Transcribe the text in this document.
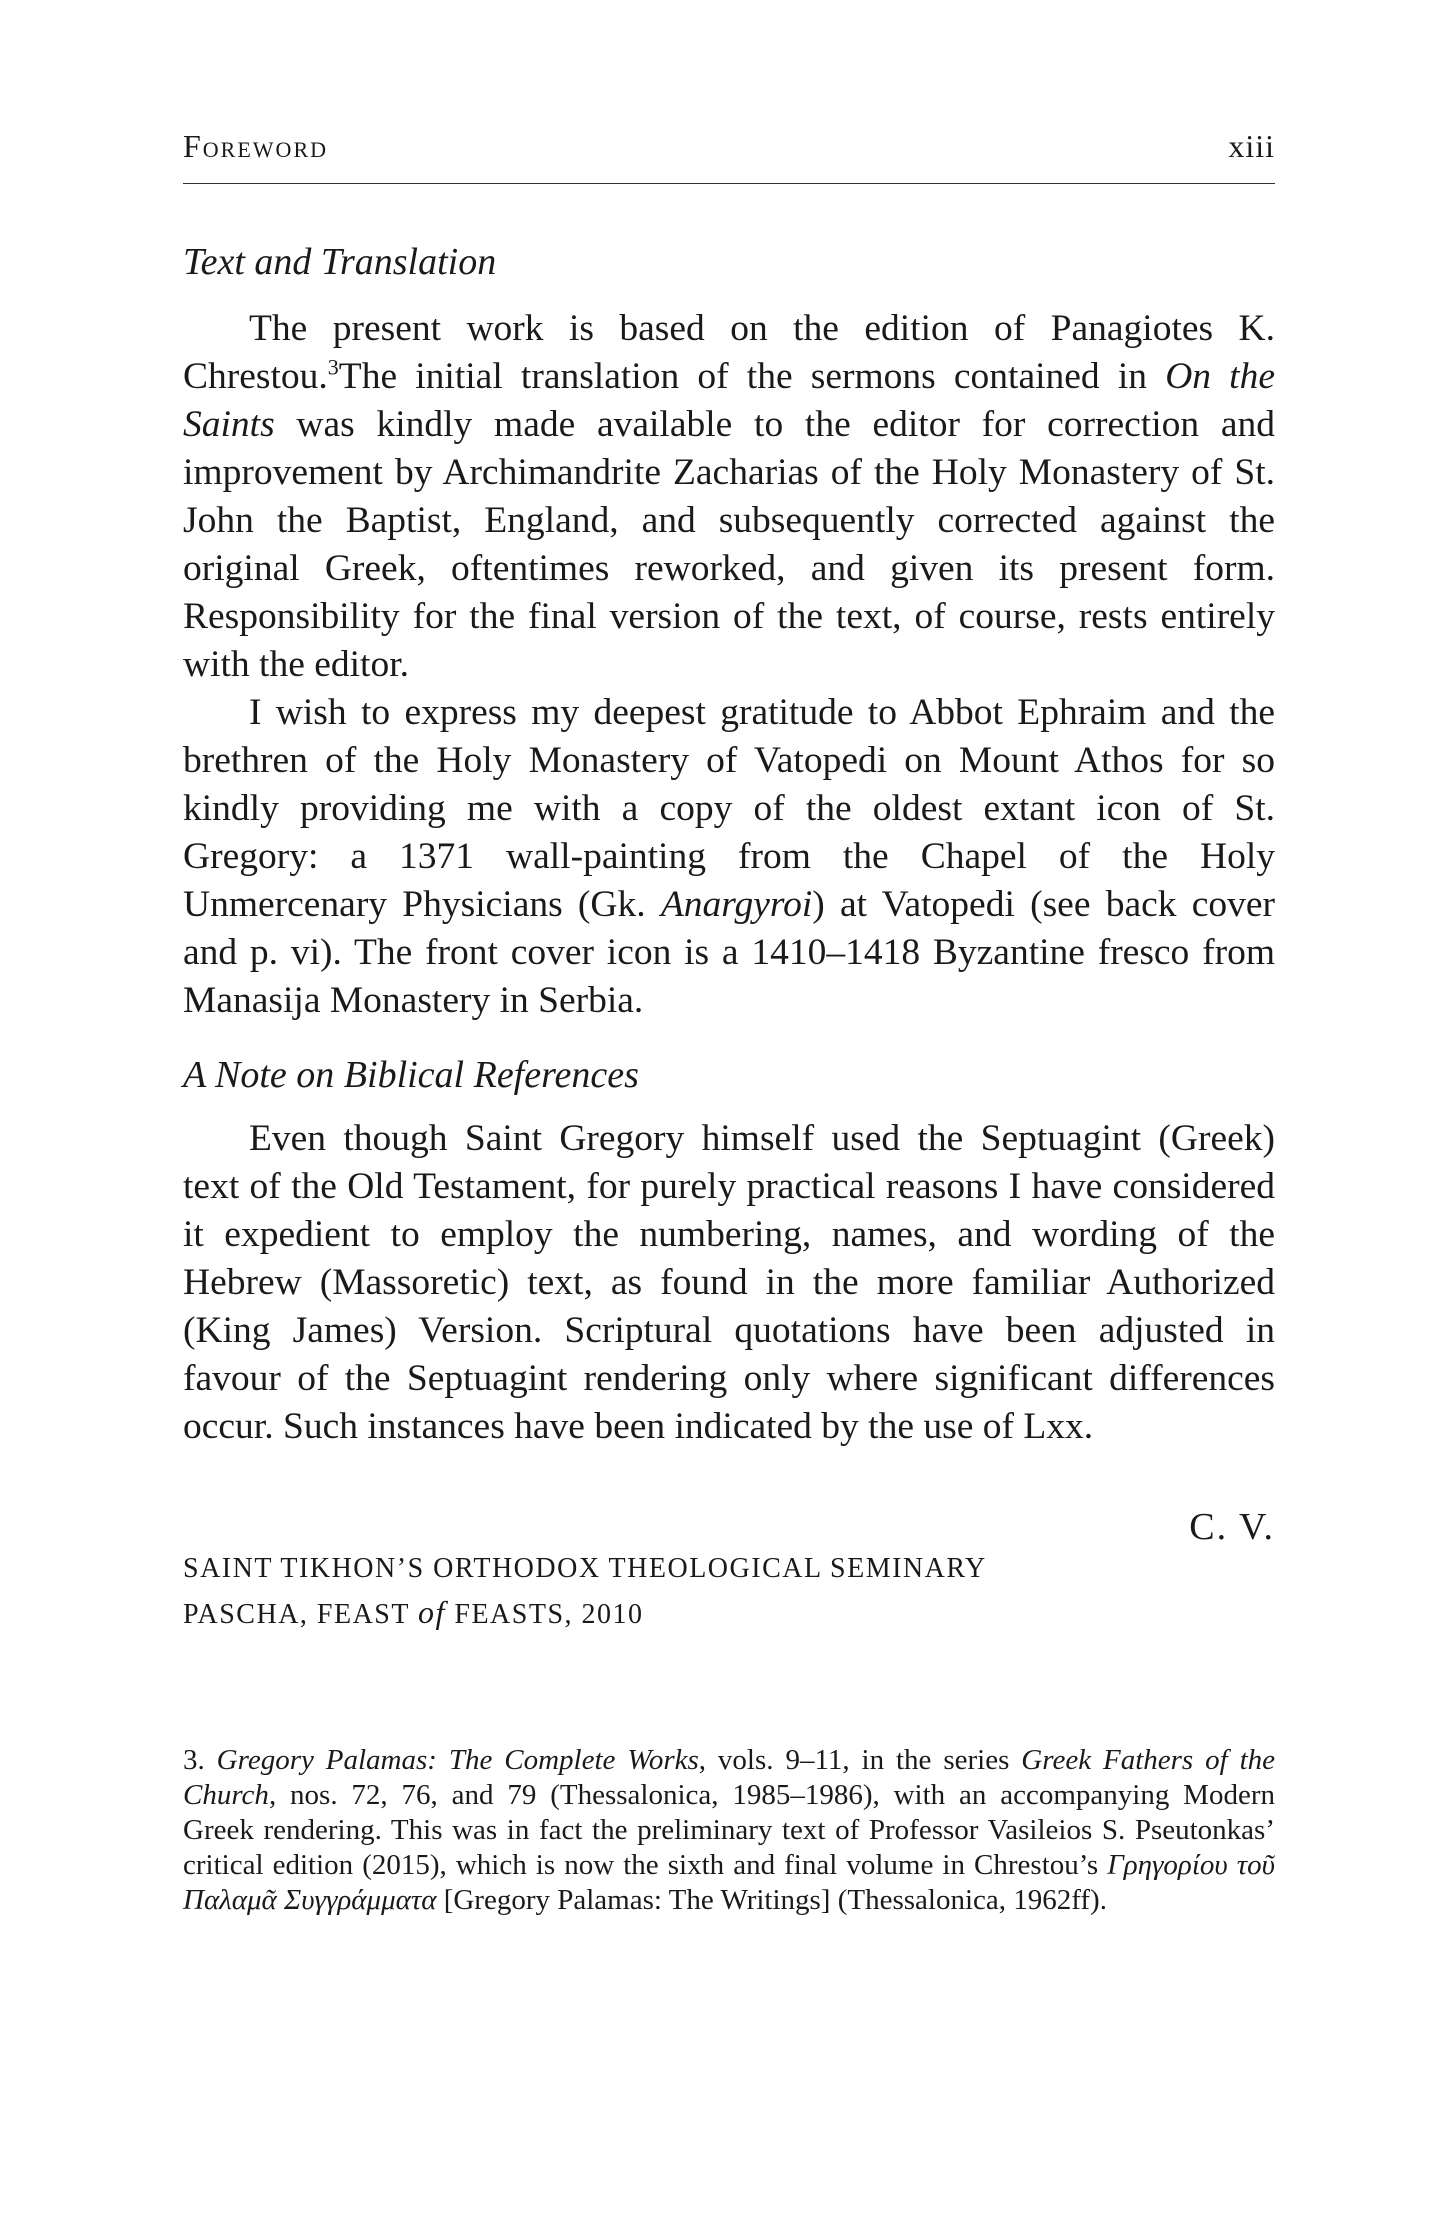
Foreword	xiii
Text and Translation

The present work is based on the edition of Panagiotes K. Chrestou.$^3$The initial translation of the sermons contained in On the Saints was kindly made available to the editor for correction and improvement by Archimandrite Zacharias of the Holy Monastery of St. John the Baptist, England, and subsequently corrected against the original Greek, oftentimes reworked, and given its present form. Responsibility for the final version of the text, of course, rests entirely with the editor.

I wish to express my deepest gratitude to Abbot Ephraim and the brethren of the Holy Monastery of Vatopedi on Mount Athos for so kindly providing me with a copy of the oldest extant icon of St. Gregory: a 1371 wall-painting from the Chapel of the Holy Unmercenary Physicians (Gk. Anargyroi) at Vatopedi (see back cover and p. vi). The front cover icon is a 1410–1418 Byzantine fresco from Manasija Monastery in Serbia.

A Note on Biblical References

Even though Saint Gregory himself used the Septuagint (Greek) text of the Old Testament, for purely practical reasons I have considered it expedient to employ the numbering, names, and wording of the Hebrew (Massoretic) text, as found in the more familiar Authorized (King James) Version. Scriptural quotations have been adjusted in favour of the Septuagint rendering only where significant differences occur. Such instances have been indicated by the use of Lxx.

C. V.
SAINT TIKHON’S ORTHODOX THEOLOGICAL SEMINARY
PASCHA, FEAST of FEASTS, 2010

3. Gregory Palamas: The Complete Works, vols. 9–11, in the series Greek Fathers of the Church, nos. 72, 76, and 79 (Thessalonica, 1985–1986), with an accompanying Modern Greek rendering. This was in fact the preliminary text of Professor Vasileios S. Pseutonkas’ critical edition (2015), which is now the sixth and final volume in Chrestou’s Γρηγορίου τοῦ Παλαμᾶ Συγγράμματα [Gregory Palamas: The Writings] (Thessalonica, 1962ff).
